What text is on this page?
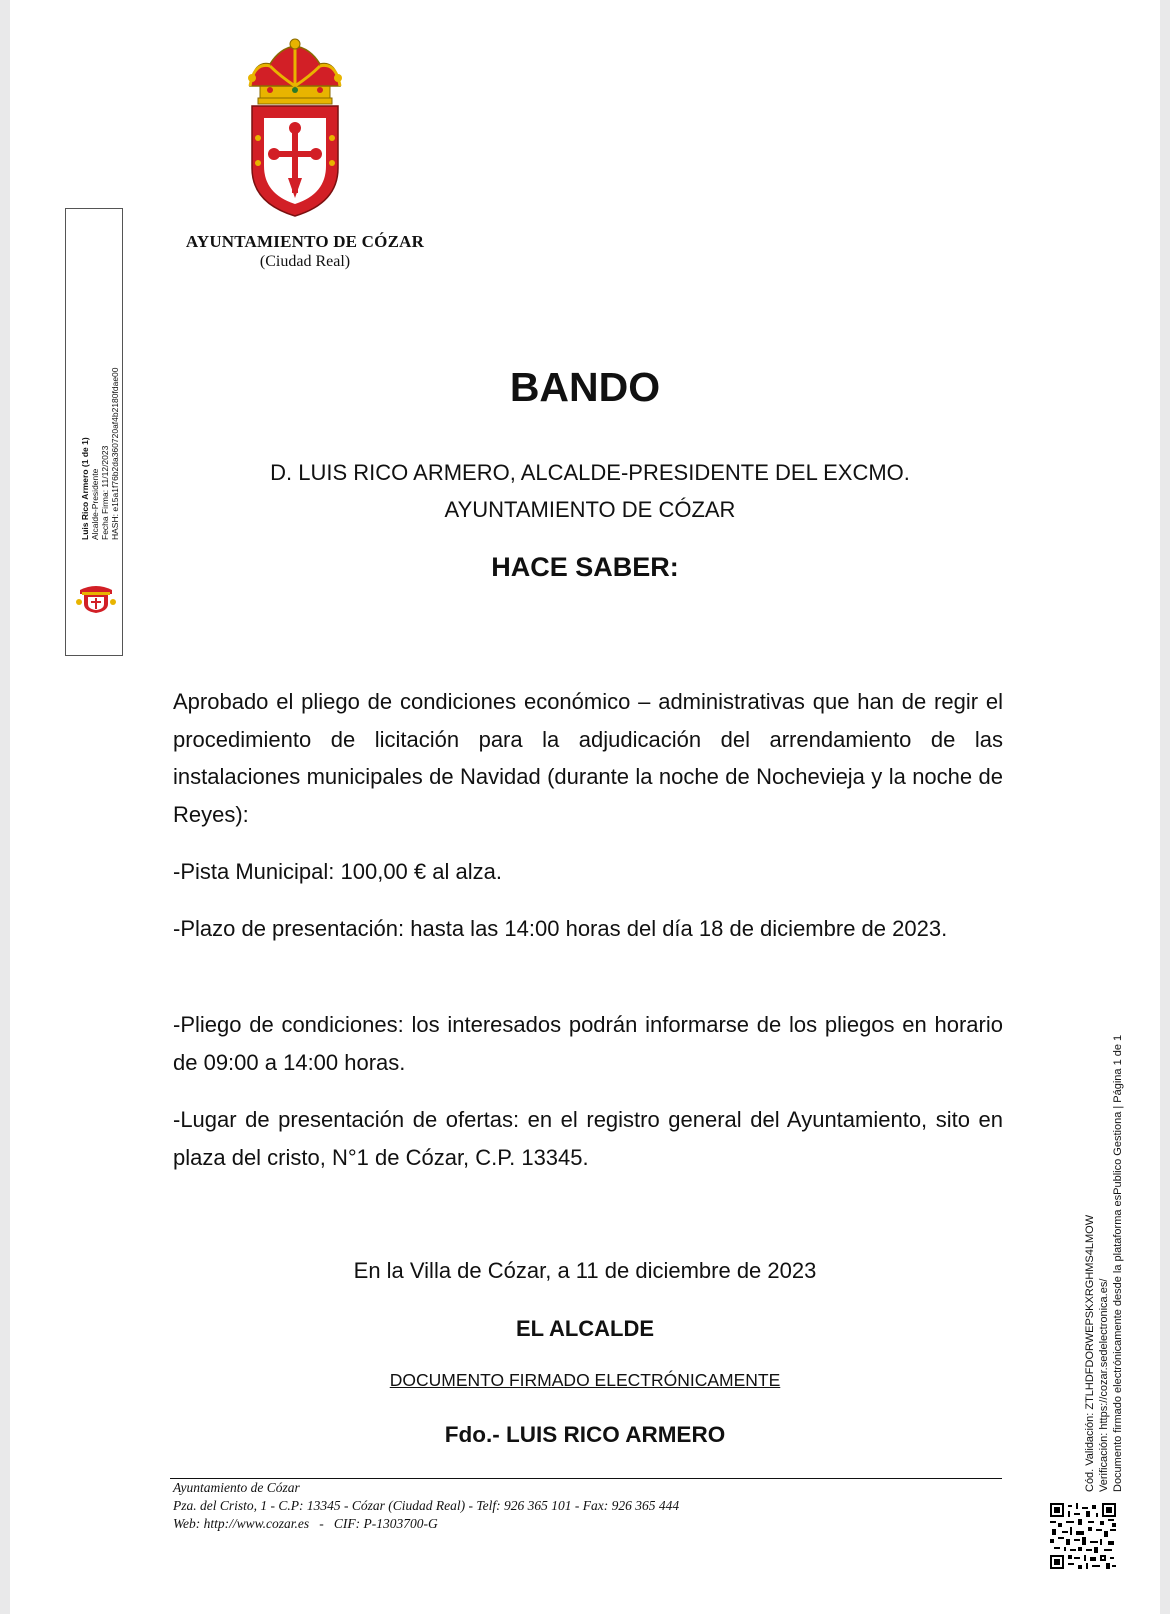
AYUNTAMIENTO DE CÓZAR
(Ciudad Real)
Luis Rico Armero (1 de 1) Alcalde-Presidente Fecha Firma: 11/12/2023 HASH: e15a1f76b2da360720af4b2180fdae00	BANDO
D. LUIS RICO ARMERO, ALCALDE-PRESIDENTE DEL EXCMO.
AYUNTAMIENTO DE CÓZAR
HACE SABER:
Aprobado el pliego de condiciones económico – administrativas que han de regir el procedimiento de licitación para la adjudicación del arrendamiento de las instalaciones municipales de Navidad (durante la noche de Nochevieja y la noche de Reyes):
-Pista Municipal: 100,00 € al alza.
-Plazo de presentación: hasta las 14:00 horas del día 18 de diciembre de 2023.
-Pliego de condiciones: los interesados podrán informarse de los pliegos en horario de 09:00 a 14:00 horas.
-Lugar de presentación de ofertas: en el registro general del Ayuntamiento, sito en plaza del cristo, N°1 de Cózar, C.P. 13345.
En la Villa de Cózar, a 11 de diciembre de 2023
EL ALCALDE
DOCUMENTO FIRMADO ELECTRÓNICAMENTE
Fdo.- LUIS RICO ARMERO
Ayuntamiento de Cózar
Pza. del Cristo, 1 - C.P: 13345 - Cózar (Ciudad Real) - Telf: 926 365 101 - Fax: 926 365 444
Web: http://www.cozar.es   -   CIF: P-1303700-G
Cód. Validación: ZTLHDFDORWEPSKXRGHMS4LMOW Verificación: https://cozar.sedelectronica.es/ Documento firmado electrónicamente desde la plataforma esPublico Gestiona | Página 1 de 1
